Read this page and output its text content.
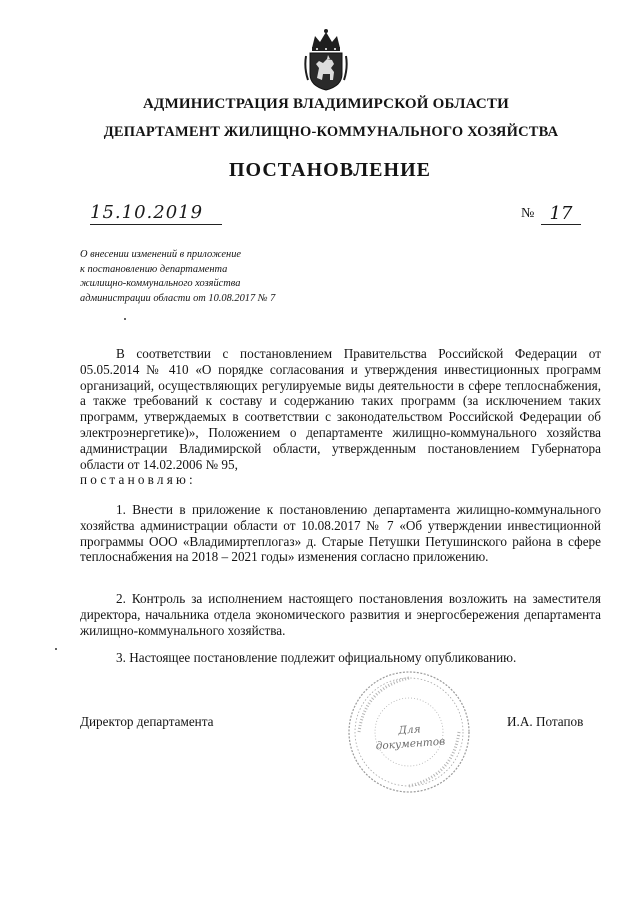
АДМИНИСТРАЦИЯ ВЛАДИМИРСКОЙ ОБЛАСТИ
ДЕПАРТАМЕНТ ЖИЛИЩНО-КОММУНАЛЬНОГО ХОЗЯЙСТВА
ПОСТАНОВЛЕНИЕ
15.10.2019	№ 17
О внесении изменений в приложение
к постановлению департамента
жилищно-коммунального хозяйства
администрации области от 10.08.2017 № 7

В соответствии с постановлением Правительства Российской Федерации от 05.05.2014 № 410 «О порядке согласования и утверждения инвестиционных программ организаций, осуществляющих регулируемые виды деятельности в сфере теплоснабжения, а также требований к составу и содержанию таких программ (за исключением таких программ, утверждаемых в соответствии с законодательством Российской Федерации об электроэнергетике)», Положением о департаменте жилищно-коммунального хозяйства администрации Владимирской области, утвержденным постановлением Губернатора области от 14.02.2006 № 95,

постановляю:

1. Внести в приложение к постановлению департамента жилищно-коммунального хозяйства администрации области от 10.08.2017 № 7 «Об утверждении инвестиционной программы ООО «Владимиртеплогаз» д. Старые Петушки Петушинского района в сфере теплоснабжения на 2018 – 2021 годы» изменения согласно приложению.

2. Контроль за исполнением настоящего постановления возложить на заместителя директора, начальника отдела экономического развития и энергосбережения департамента жилищно-коммунального хозяйства.

3. Настоящее постановление подлежит официальному опубликованию.

Для
документов
Директор департамента	И.А. Потапов
